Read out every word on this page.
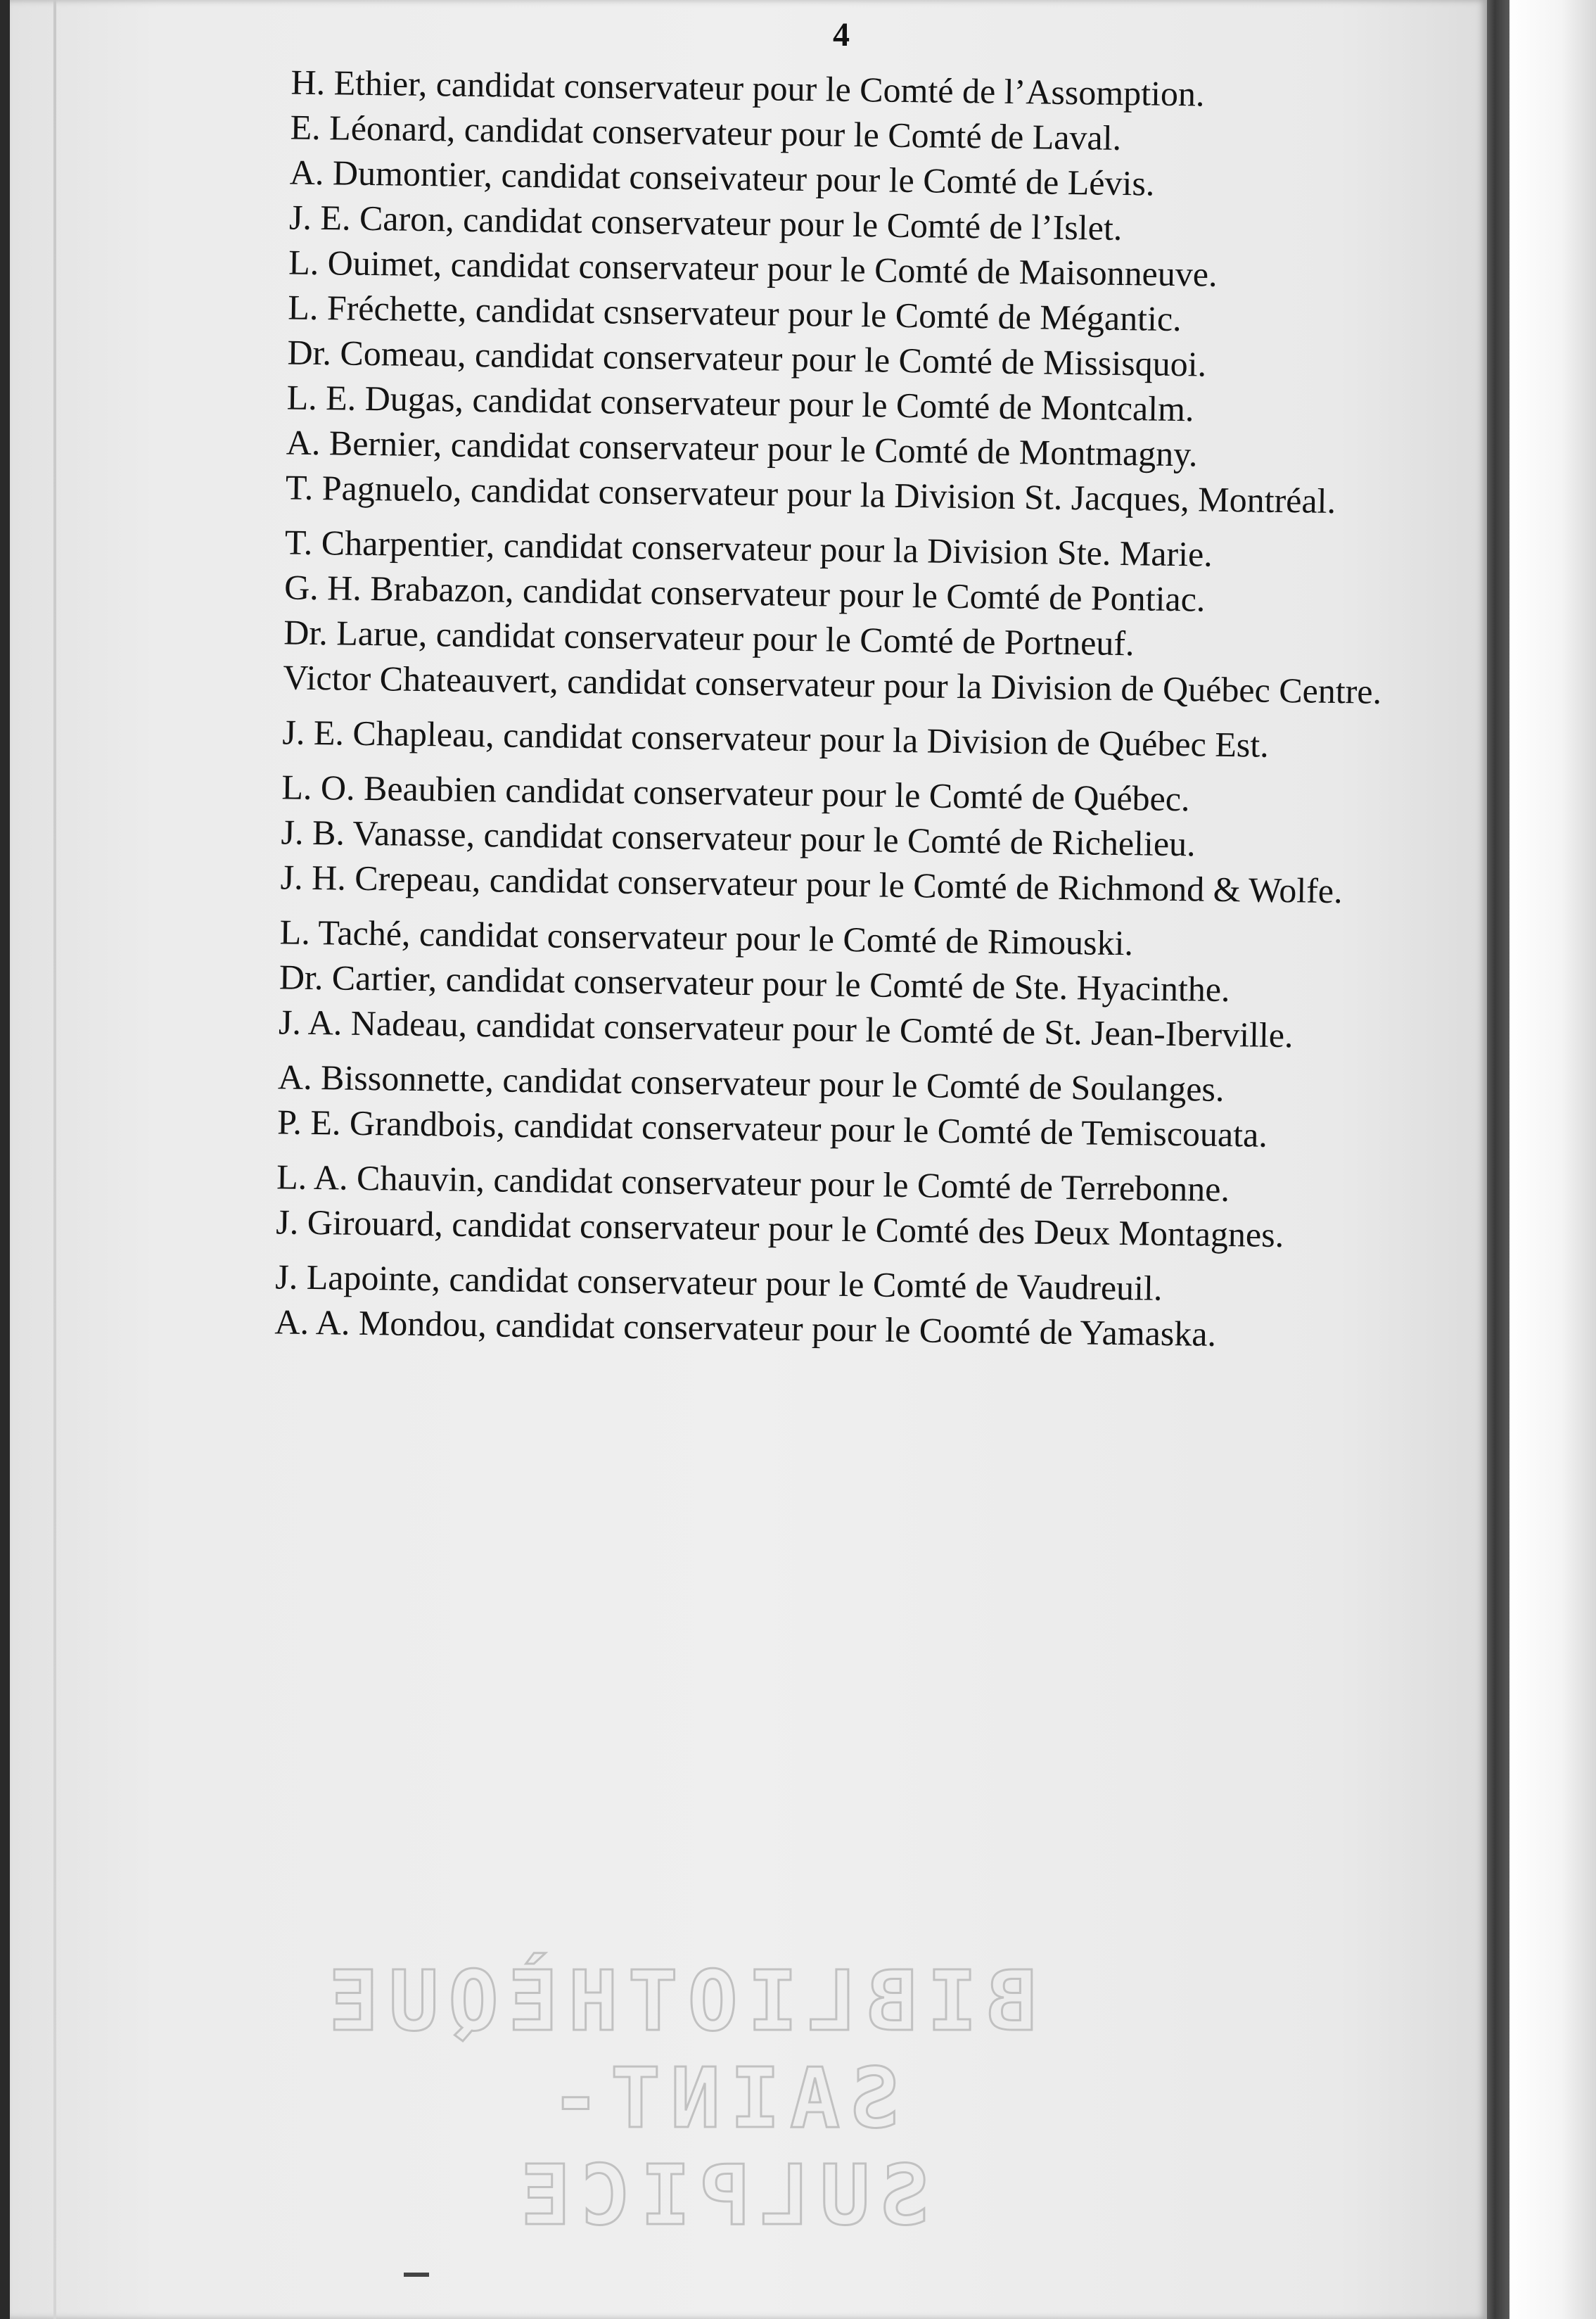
4

H. Ethier, candidat conservateur pour le Comté de l’Assomption.

E. Léonard, candidat conservateur pour le Comté de Laval.

A. Dumontier, candidat conseivateur pour le Comté de Lévis.

J. E. Caron, candidat conservateur pour le Comté de l’Islet.

L. Ouimet, candidat conservateur pour le Comté de Maisonneuve.

L. Fréchette, candidat csnservateur pour le Comté de Mégantic.

Dr. Comeau, candidat conservateur pour le Comté de Missisquoi.

L. E. Dugas, candidat conservateur pour le Comté de Montcalm.

A. Bernier, candidat conservateur pour le Comté de Montmagny.

T. Pagnuelo, candidat conservateur pour la Division St. Jacques, Montréal.

T. Charpentier, candidat conservateur pour la Division Ste. Marie.

G. H. Brabazon, candidat conservateur pour le Comté de Pontiac.

Dr. Larue, candidat conservateur pour le Comté de Portneuf.

Victor Chateauvert, candidat conservateur pour la Division de Québec Centre.

J. E. Chapleau, candidat conservateur pour la Division de Québec Est.

L. O. Beaubien candidat conservateur pour le Comté de Québec.

J. B. Vanasse, candidat conservateur pour le Comté de Richelieu.

J. H. Crepeau, candidat conservateur pour le Comté de Richmond & Wolfe.

L. Taché, candidat conservateur pour le Comté de Rimouski.

Dr. Cartier, candidat conservateur pour le Comté de Ste. Hyacinthe.

J. A. Nadeau, candidat conservateur pour le Comté de St. Jean-Iberville.

A. Bissonnette, candidat conservateur pour le Comté de Soulanges.

P. E. Grandbois, candidat conservateur pour le Comté de Temiscouata.

L. A. Chauvin, candidat conservateur pour le Comté de Terrebonne.

J. Girouard, candidat conservateur pour le Comté des Deux Montagnes.

J. Lapointe, candidat conservateur pour le Comté de Vaudreuil.

A. A. Mondou, candidat conservateur pour le Coomté de Yamaska.

BIBLIOTHÈQUE
SAINT-SULPICE
